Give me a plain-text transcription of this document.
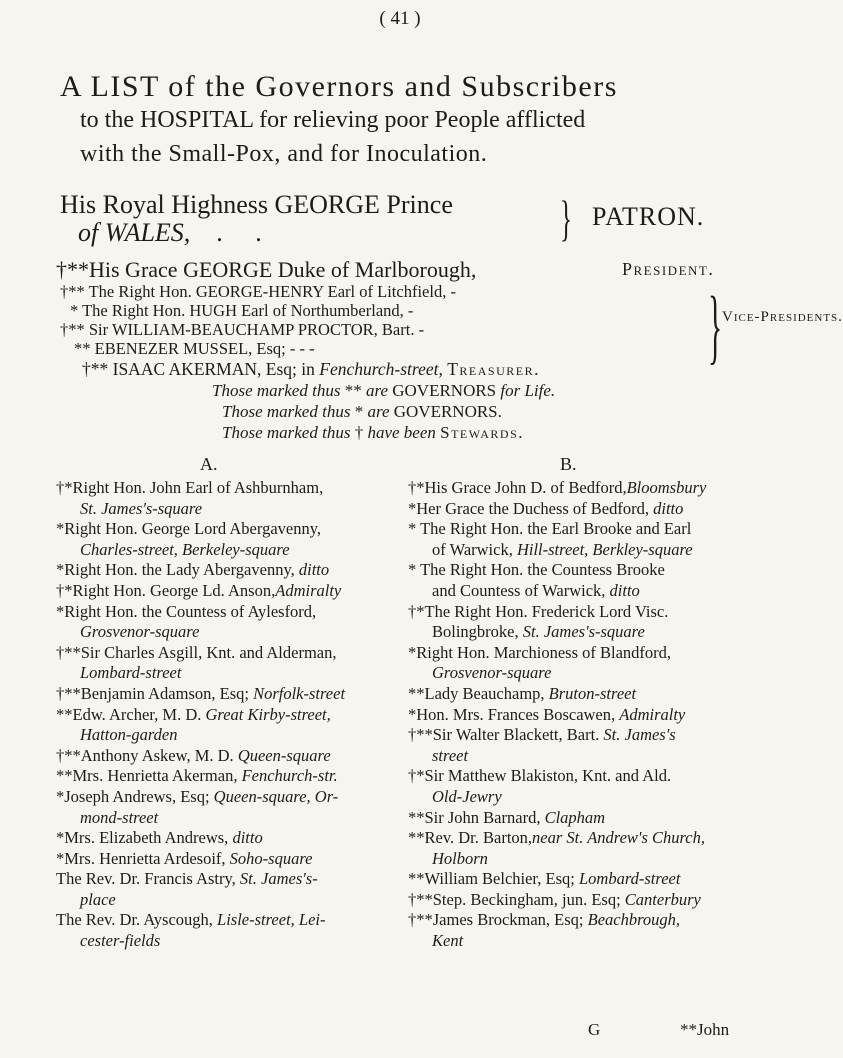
( 41 )
A LIST of the Governors and Subscribers
to the HOSPITAL for relieving poor People afflicted
with the Small-Pox, and for Inoculation.
His Royal Highness GEORGE Prince
of WALES,    .     .	} PATRON.
†**His Grace GEORGE Duke of Marlborough,	President.
†** The Right Hon. GEORGE-HENRY Earl of Litchfield, -
* The Right Hon. HUGH Earl of Northumberland, -
†** Sir WILLIAM-BEAUCHAMP PROCTOR, Bart. -
** EBENEZER MUSSEL, Esq; - - -	} Vice-Presidents.
†** ISAAC AKERMAN, Esq; in Fenchurch-street, Treasurer.
Those marked thus ** are GOVERNORS for Life.
Those marked thus * are GOVERNORS.
Those marked thus † have been Stewards.
A.	B.

†*Right Hon. John Earl of Ashburnham,

St. James's-square

*Right Hon. George Lord Abergavenny,

Charles-street, Berkeley-square

*Right Hon. the Lady Abergavenny, ditto

†*Right Hon. George Ld. Anson,Admiralty

*Right Hon. the Countess of Aylesford,

Grosvenor-square

†**Sir Charles Asgill, Knt. and Alderman,

Lombard-street

†**Benjamin Adamson, Esq; Norfolk-street

**Edw. Archer, M. D. Great Kirby-street,

Hatton-garden

†**Anthony Askew, M. D. Queen-square

**Mrs. Henrietta Akerman, Fenchurch-str.

*Joseph Andrews, Esq; Queen-square, Or-

mond-street

*Mrs. Elizabeth Andrews, ditto

*Mrs. Henrietta Ardesoif, Soho-square

The Rev. Dr. Francis Astry, St. James's-

place

The Rev. Dr. Ayscough, Lisle-street, Lei-

cester-fields

†*His Grace John D. of Bedford,Bloomsbury

*Her Grace the Duchess of Bedford, ditto

* The Right Hon. the Earl Brooke and Earl

of Warwick, Hill-street, Berkley-square

* The Right Hon. the Countess Brooke

and Countess of Warwick, ditto

†*The Right Hon. Frederick Lord Visc.

Bolingbroke, St. James's-square

*Right Hon. Marchioness of Blandford,

Grosvenor-square

**Lady Beauchamp, Bruton-street

*Hon. Mrs. Frances Boscawen, Admiralty

†**Sir Walter Blackett, Bart. St. James's

street

†*Sir Matthew Blakiston, Knt. and Ald.

Old-Jewry

**Sir John Barnard, Clapham

**Rev. Dr. Barton,near St. Andrew's Church,

Holborn

**William Belchier, Esq; Lombard-street

†**Step. Beckingham, jun. Esq; Canterbury

†**James Brockman, Esq; Beachbrough,

Kent

G	**John
